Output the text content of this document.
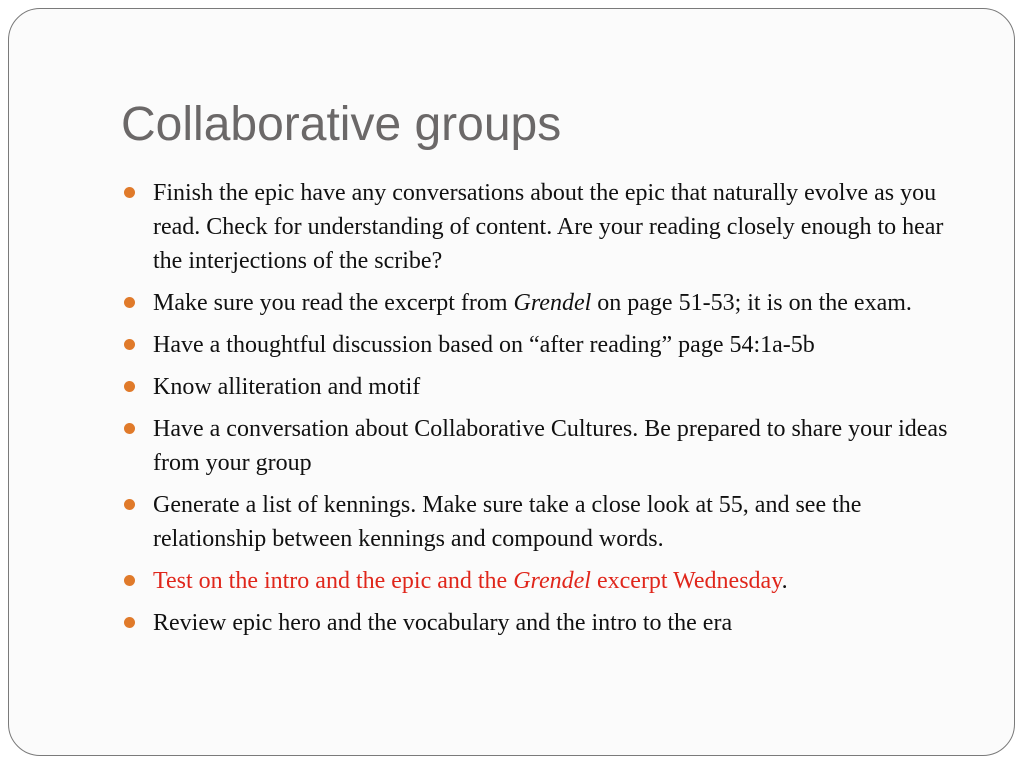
Collaborative groups
Finish the epic have any conversations about the epic that naturally evolve as you read. Check for understanding of content. Are your reading closely enough to hear the interjections of the scribe?
Make sure you read the excerpt from Grendel on page 51-53; it is on the exam.
Have a thoughtful discussion based on “after reading” page 54:1a-5b
Know alliteration and motif
Have a conversation about Collaborative Cultures. Be prepared to share your ideas from your group
Generate a list of kennings. Make sure take a close look at 55, and see the relationship between kennings and compound words.
Test on the intro and the epic and the Grendel excerpt Wednesday.
Review epic hero and the vocabulary and the intro to the era
